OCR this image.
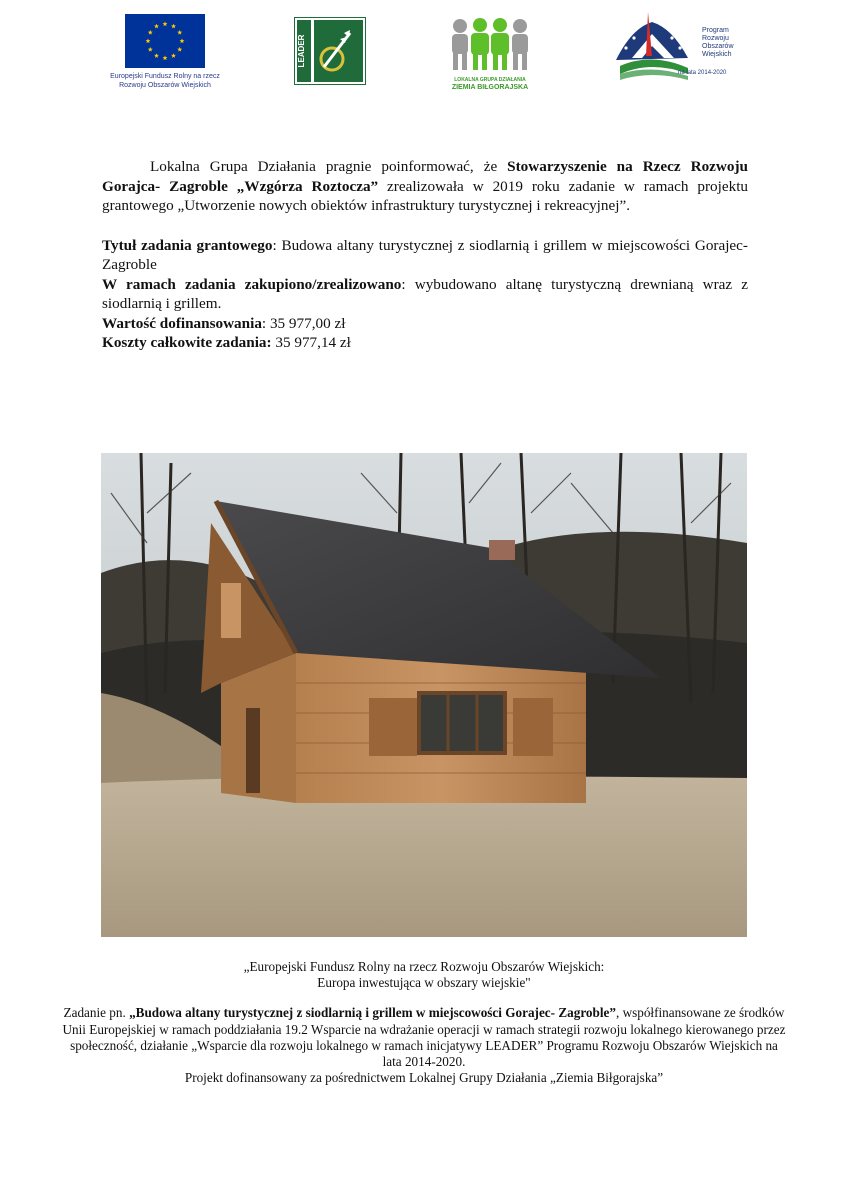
Europejski Fundusz Rolny na rzecz
Rozwoju Obszarów Wiejskich
LEADER
LOKALNA GRUPA DZIAŁANIA
ZIEMIA BIŁGORAJSKA
Program
Rozwoju
Obszarów
Wiejskich
na lata 2014-2020

Lokalna Grupa Działania pragnie poinformować, że Stowarzyszenie na Rzecz Rozwoju Gorajca- Zagroble „Wzgórza Roztocza” zrealizowała w 2019 roku zadanie w ramach projektu grantowego „Utworzenie nowych obiektów infrastruktury turystycznej i rekreacyjnej”.

Tytuł zadania grantowego: Budowa altany turystycznej z siodlarnią i grillem w miejscowości Gorajec- Zagroble

W ramach zadania zakupiono/zrealizowano: wybudowano altanę turystyczną drewnianą wraz z siodlarnią i grillem.

Wartość dofinansowania: 35 977,00 zł

Koszty całkowite zadania: 35 977,14 zł

„Europejski Fundusz Rolny na rzecz Rozwoju Obszarów Wiejskich:
Europa inwestująca w obszary wiejskie"

Zadanie pn. „Budowa altany turystycznej z siodlarnią i grillem w miejscowości Gorajec- Zagroble”, współfinansowane ze środków Unii Europejskiej w ramach poddziałania 19.2 Wsparcie na wdrażanie operacji w ramach strategii rozwoju lokalnego kierowanego przez społeczność, działanie „Wsparcie dla rozwoju lokalnego w ramach inicjatywy LEADER” Programu Rozwoju Obszarów Wiejskich na lata 2014-2020.
Projekt dofinansowany za pośrednictwem Lokalnej Grupy Działania „Ziemia Biłgorajska”
